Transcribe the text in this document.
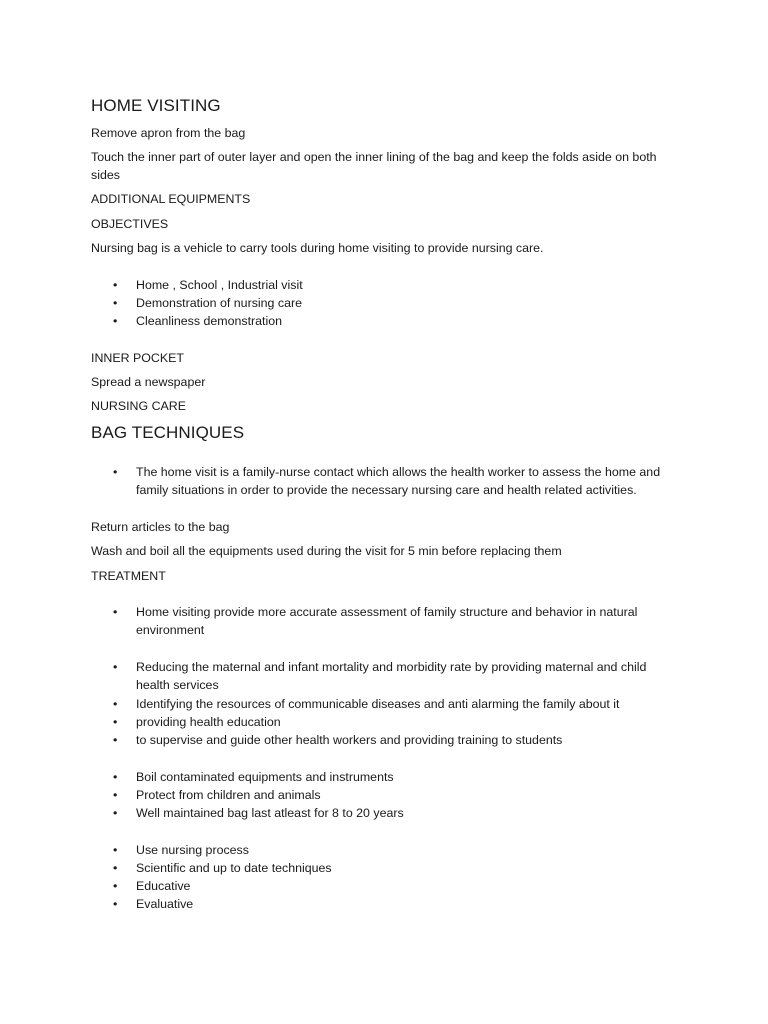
HOME VISITING
Remove apron from the bag
Touch the inner part of outer layer and open the inner lining of the bag and keep the folds aside on both
sides
ADDITIONAL EQUIPMENTS
OBJECTIVES
Nursing bag is a vehicle to carry tools during home visiting to provide nursing care.
• Home , School , Industrial visit
• Demonstration of nursing care
• Cleanliness demonstration
INNER POCKET
Spread a newspaper
NURSING CARE
BAG TECHNIQUES
• The home visit is a family-nurse contact which allows the health worker to assess the home and
family situations in order to provide the necessary nursing care and health related activities.
Return articles to the bag
Wash and boil all the equipments used during the visit for 5 min before replacing them
TREATMENT
• Home visiting provide more accurate assessment of family structure and behavior in natural
environment
• Reducing the maternal and infant mortality and morbidity rate by providing maternal and child
health services
• Identifying the resources of communicable diseases and anti alarming the family about it
• providing health education
• to supervise and guide other health workers and providing training to students
• Boil contaminated equipments and instruments
• Protect from children and animals
• Well maintained bag last atleast for 8 to 20 years
• Use nursing process
• Scientific and up to date techniques
• Educative
• Evaluative
